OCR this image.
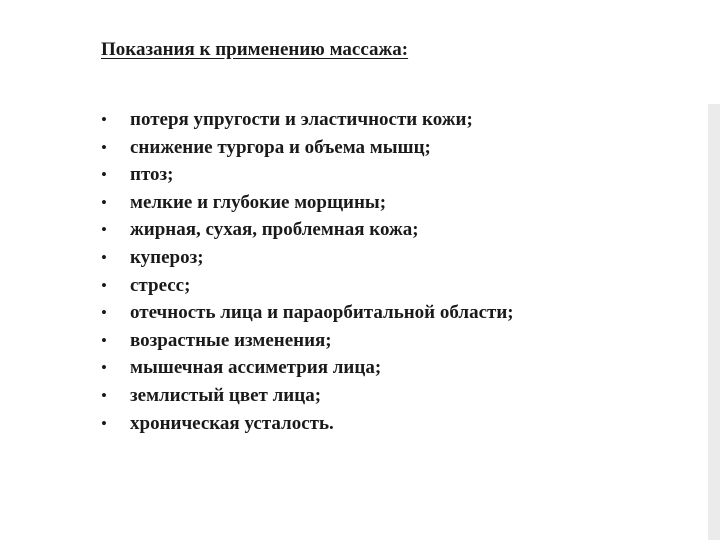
Показания к применению массажа:
• потеря упругости и эластичности кожи;
• снижение тургора и объема мышц;
• птоз;
• мелкие и глубокие морщины;
• жирная, сухая, проблемная кожа;
• купероз;
• стресс;
• отечность лица и параорбитальной области;
• возрастные изменения;
• мышечная ассиметрия лица;
• землистый цвет лица;
• хроническая усталость.
